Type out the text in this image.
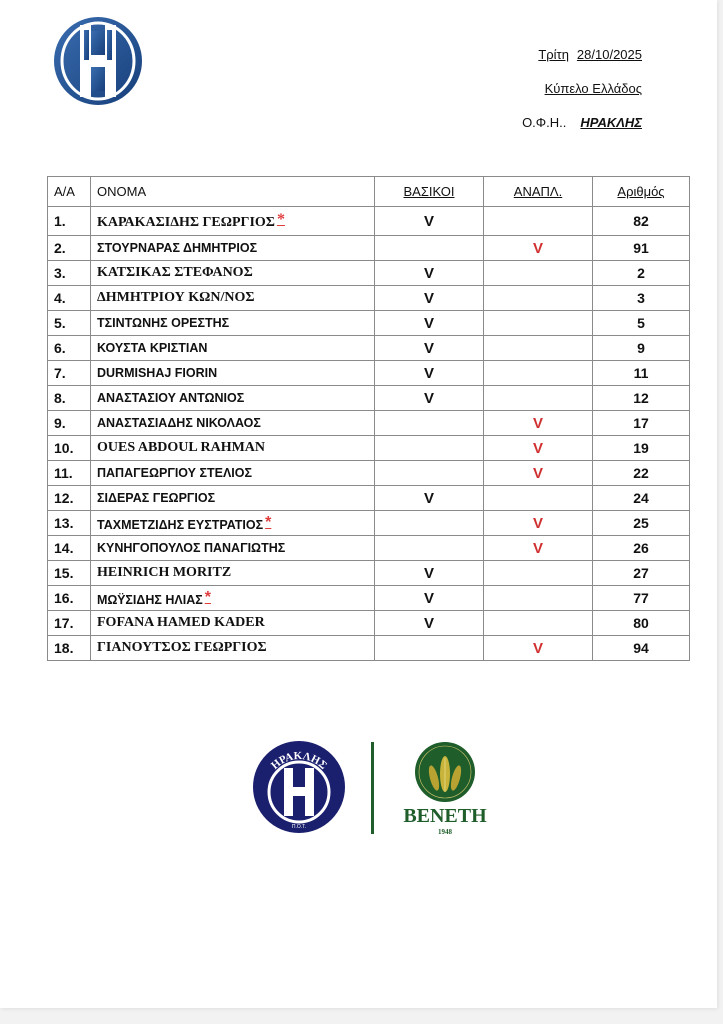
Τρίτη 28/10/2025
Κύπελο Ελλάδος
Ο.Φ.Η.. ΗΡΑΚΛΗΣ
Α/Α	ΟΝΟΜΑ	ΒΑΣΙΚΟΙ	ΑΝΑΠΛ.	Αριθμός
1.	ΚΑΡΑΚΑΣΙΔΗΣ ΓΕΩΡΓΙΟΣ *	V		82
2.	ΣΤΟΥΡΝΑΡΑΣ ΔΗΜΗΤΡΙΟΣ		V	91
3.	ΚΑΤΣΙΚΑΣ ΣΤΕΦΑΝΟΣ	V		2
4.	ΔΗΜΗΤΡΙΟΥ ΚΩΝ/ΝΟΣ	V		3
5.	ΤΣΙΝΤΩΝΗΣ ΟΡΕΣΤΗΣ	V		5
6.	ΚΟΥΣΤΑ ΚΡΙΣΤΙΑΝ	V		9
7.	DURMISHAJ FIORIN	V		11
8.	ΑΝΑΣΤΑΣΙΟΥ ΑΝΤΩΝΙΟΣ	V		12
9.	ΑΝΑΣΤΑΣΙΑΔΗΣ ΝΙΚΟΛΑΟΣ		V	17
10.	OUES ABDOUL RAHMAN		V	19
11.	ΠΑΠΑΓΕΩΡΓΙΟΥ ΣΤΕΛΙΟΣ		V	22
12.	ΣΙΔΕΡΑΣ ΓΕΩΡΓΙΟΣ	V		24
13.	ΤΑΧΜΕΤΖΙΔΗΣ ΕΥΣΤΡΑΤΙΟΣ *		V	25
14.	ΚΥΝΗΓΟΠΟΥΛΟΣ ΠΑΝΑΓΙΩΤΗΣ		V	26
15.	HEINRICH MORITZ	V		27
16.	ΜΩΫΣΙΔΗΣ ΗΛΙΑΣ *	V		77
17.	FOFANA HAMED KADER	V		80
18.	ΓΙΑΝΟΥΤΣΟΣ ΓΕΩΡΓΙΟΣ		V	94
ΗΡΑΚΛΗΣ
Π.Ο.Τ.	BENETH
1948
